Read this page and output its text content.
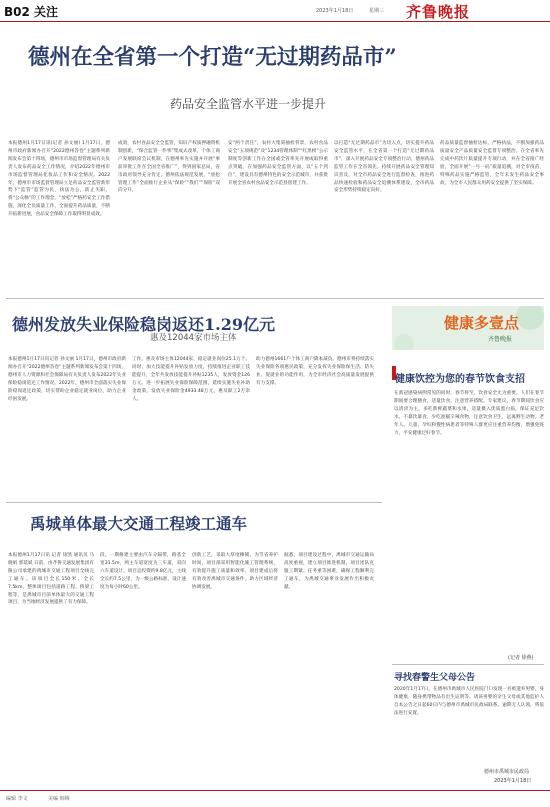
B02 关注	2023年1月18日	星期三 齐鲁晚报
德州在全省第一个打造“无过期药品市”
药品安全监管水平进一步提升
本报德州1月17日讯(记者 孙文丽) 1月17日，德州市政府新闻办召开“2022德州答卷”主题系列新闻发布会第十四场，德州市市场监督管理局有关负责人发布药品安全工作情况，介绍2022年德州市市场监督管理局化妆品工作和安全情况。2022年，德州市市场监督管理局立足药品安全监管新形势下“监管”监管为民，执法为公，防止失职，将“公众畅”的工作理念，“放松”严格药安全工作措施，深化全员质量工作，全面提升药品质量，不断开拓新进展，食品安全保障工作取得明显成效。
成效，农村食品安全全监管，知识产权质押融资机制创新，“保合监管一件事”集成式改革，个体工商户发展联席会议机制，在德州率先实施并开展“事前审批工作在全国全省推广”，得到国家总局，省市政府领导充分肯定。德州依法规范发展，“放松管理工作”全面推行企业从“保险”“我们”“保险”双向分开。
安“两个责任”，农村大集简抽检背景，农村食品安全“五项规范”及“1234管理体制”“红黑榜”公示制度等创新工作在全国或全省率先开展或取得重点突破。在加强药品安全监管方面，以“五个到位”，建设具有德州特色的安全示范城市，并获批开展全省农村食品安全示范县创建工作。
以打造“无过期药品市”为切入点，切实提升药品安全监管水平，在全省第一个打造“无过期药品市”，深入开展药品安全专项整治行动，德州药品监管工作在全省领先。持续开展药品安全管理知识普及，对全市药品安全进行监督检查，推进药品快速检验和药品安全追溯体系建设，全市药品安全形势持续稳定向好。
药品质量监督抽检达标，严格执法，不断加强药品质量安全产品质量安全监督专项整治。在全省率先完成中药饮片质量提升专项行动，并在全省推广经验，全面开展“一号一码”质量追溯，对全市疫苗、特殊药品实施严格监管，全年未发生药品安全事故，为全市人民群众用药安全提供了坚实保障。
德州发放失业保险稳岗返还1.29亿元
惠及12044家市场主体
健康多壹点
齐鲁晚报
本报德州1月17日讯记者 孙文丽 1月17日，德州市政府新闻办召开“2022德州答卷”主题系列新闻发布会第十四场，德州市人力资源和社会保障局有关负责人发布2022年失业保险稳岗返还工作情况。2022年，德州市全面落实失业保险稳岗返还政策，切实帮助企业稳定就业岗位，助力企业纾困发展。
工作。惠及市场主体12044家，稳定就业岗位25.1万个。同时，加大技能提升补贴发放力度，持续推进企业职工技能提升，全年共发放技能提升补贴1235人，发放资金126万元。进一步拓展失业保险保障范围，延续实施失业补助金政策，发放失业保险金4933.48万元，惠及职工2万余人。
助力德州1661户个体工商户降本减负。德州市将持续落实失业保险各项惠民政策，充分发挥失业保险保生活、防失业、促就业的功能作用，为全市经济社会高质量发展提供有力支撑。
禹城单体最大交通工程竣工通车
本报德州1月17日讯 记者 徐凯 通讯员 马晓娟 郭延斌 日前，由齐鲁交通发展集团有限公司承建的禹城市交通工程项目全线完工通车。该项目全长150米，全长7.5km，整体项目包括道路工程、桥梁工程等，是禹城市目前单体最大的交通工程项目，为当地经济发展提供了有力保障。
段。一期修建主要由汽车分隔带，路基全宽31.5m，两主车道宽度为三车道，双向六车道设计。项目总投资约9.8亿元，主线全长约7.5公里，为一级公路标准，设计速度为每小时60公里。
创新工艺，采取大厚度摊铺，为节省养护时间，项目部采用智能化施工管理系统，有效提升施工质量和效率。项目建成后将有效改善禹城市交通条件，助力区域经济协调发展。
据悉，项目建设过程中，禹城市交通运输局高度重视，建立项目推进机制，项目团队克服工期紧、任务重等困难，确保工程顺利完工通车，为禹城交通事业发展作出积极贡献。
健康饮控为您的春节饮食支招
在新冠感染病例常见的同时，春节将至，饮食安全尤为重要。人们在春节期间要合理膳食，适量饮食，注意营养搭配。专家建议，春节期间饮食应以清淡为主，多吃新鲜蔬菜和水果，适量摄入优质蛋白质，保证充足饮水，不暴饮暴食，少吃油腻辛辣食物，注意饮食卫生，远离野生动物。老年人、儿童、孕妇和慢性病患者等特殊人群更应注重营养均衡，增强免疫力，平安健康过好春节。
(记者 徐燕)
寻找春警生父母公告
2020年1月17日，在德州市禹城市人民医院门口发现一名被遗弃男婴，身体健康，随身携带物品有出生证明等。请该男婴的亲生父母或其他监护人自本公告之日起60日内与德州市禹城市民政局联系。逾期无人认领，将依法进行安置。
德州市禹城市民政局
2023年1月18日
编辑 李文	美编 韩梅
